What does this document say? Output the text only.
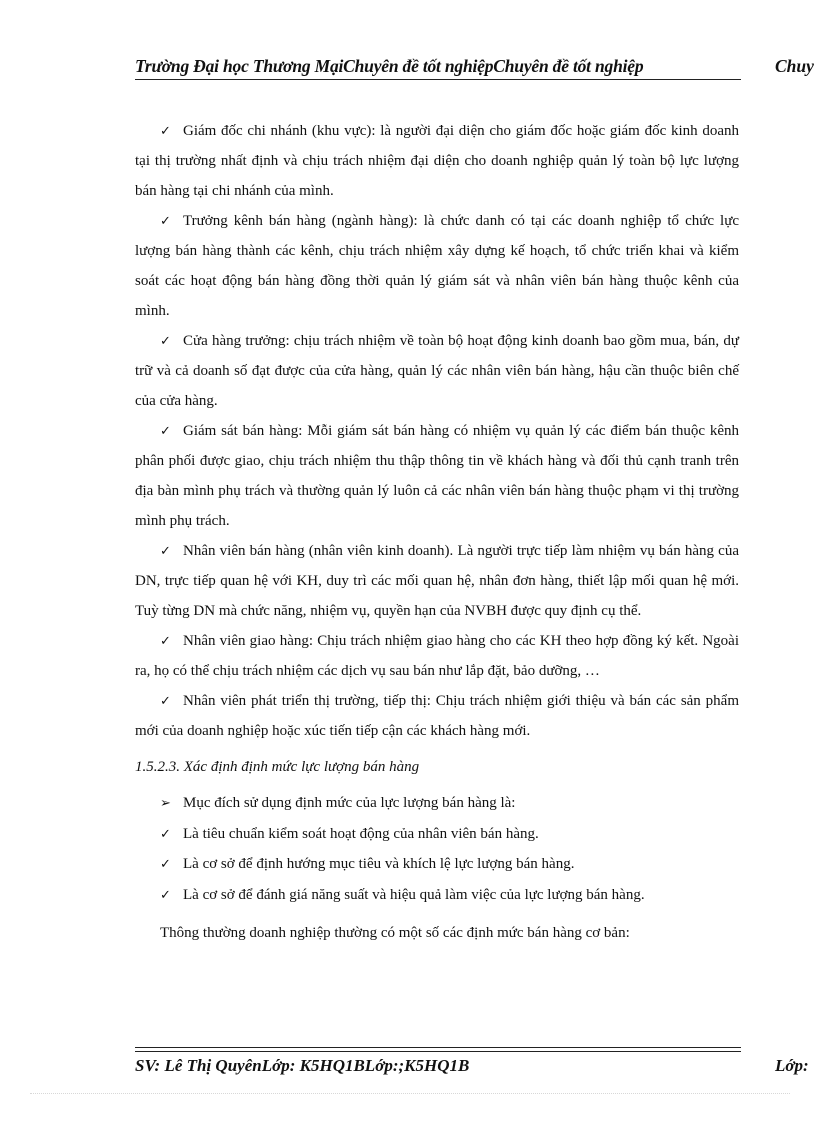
Trường Đại học Thương MạiChuyên đề tốt nghiệpChuyên đề tốt nghiệp	Chuy

✓ Giám đốc chi nhánh (khu vực): là người đại diện cho giám đốc hoặc giám đốc kinh doanh tại thị trường nhất định và chịu trách nhiệm đại diện cho doanh nghiệp quản lý toàn bộ lực lượng bán hàng tại chi nhánh của mình.

✓ Trưởng kênh bán hàng (ngành hàng): là chức danh có tại các doanh nghiệp tổ chức lực lượng bán hàng thành các kênh, chịu trách nhiệm xây dựng kế hoạch, tổ chức triển khai và kiểm soát các hoạt động bán hàng đồng thời quản lý giám sát và nhân viên bán hàng thuộc kênh của mình.

✓ Cửa hàng trưởng: chịu trách nhiệm về toàn bộ hoạt động kinh doanh bao gồm mua, bán, dự trữ và cả doanh số đạt được của cửa hàng, quản lý các nhân viên bán hàng, hậu cần thuộc biên chế của cửa hàng.

✓ Giám sát bán hàng: Mỗi giám sát bán hàng có nhiệm vụ quản lý các điểm bán thuộc kênh phân phối được giao, chịu trách nhiệm thu thập thông tin về khách hàng và đối thủ cạnh tranh trên địa bàn mình phụ trách và thường quản lý luôn cả các nhân viên bán hàng thuộc phạm vi thị trường mình phụ trách.

✓ Nhân viên bán hàng (nhân viên kinh doanh). Là người trực tiếp làm nhiệm vụ bán hàng của DN, trực tiếp quan hệ với KH, duy trì các mối quan hệ, nhân đơn hàng, thiết lập mối quan hệ mới. Tuỳ từng DN mà chức năng, nhiệm vụ, quyền hạn của NVBH được quy định cụ thể.

✓ Nhân viên giao hàng: Chịu trách nhiệm giao hàng cho các KH theo hợp đồng ký kết. Ngoài ra, họ có thể chịu trách nhiệm các dịch vụ sau bán như lắp đặt, bảo dưỡng, …

✓ Nhân viên phát triển thị trường, tiếp thị: Chịu trách nhiệm giới thiệu và bán các sản phẩm mới của doanh nghiệp hoặc xúc tiến tiếp cận các khách hàng mới.

1.5.2.3. Xác định định mức lực lượng bán hàng

➢ Mục đích sử dụng định mức của lực lượng bán hàng là:
✓ Là tiêu chuẩn kiểm soát hoạt động của nhân viên bán hàng.
✓ Là cơ sở để định hướng mục tiêu và khích lệ lực lượng bán hàng.
✓ Là cơ sở để đánh giá năng suất và hiệu quả làm việc của lực lượng bán hàng.

Thông thường doanh nghiệp thường có một số các định mức bán hàng cơ bản:

SV: Lê Thị QuyênLớp: K5HQ1BLớp:;K5HQ1B	Lớp:
